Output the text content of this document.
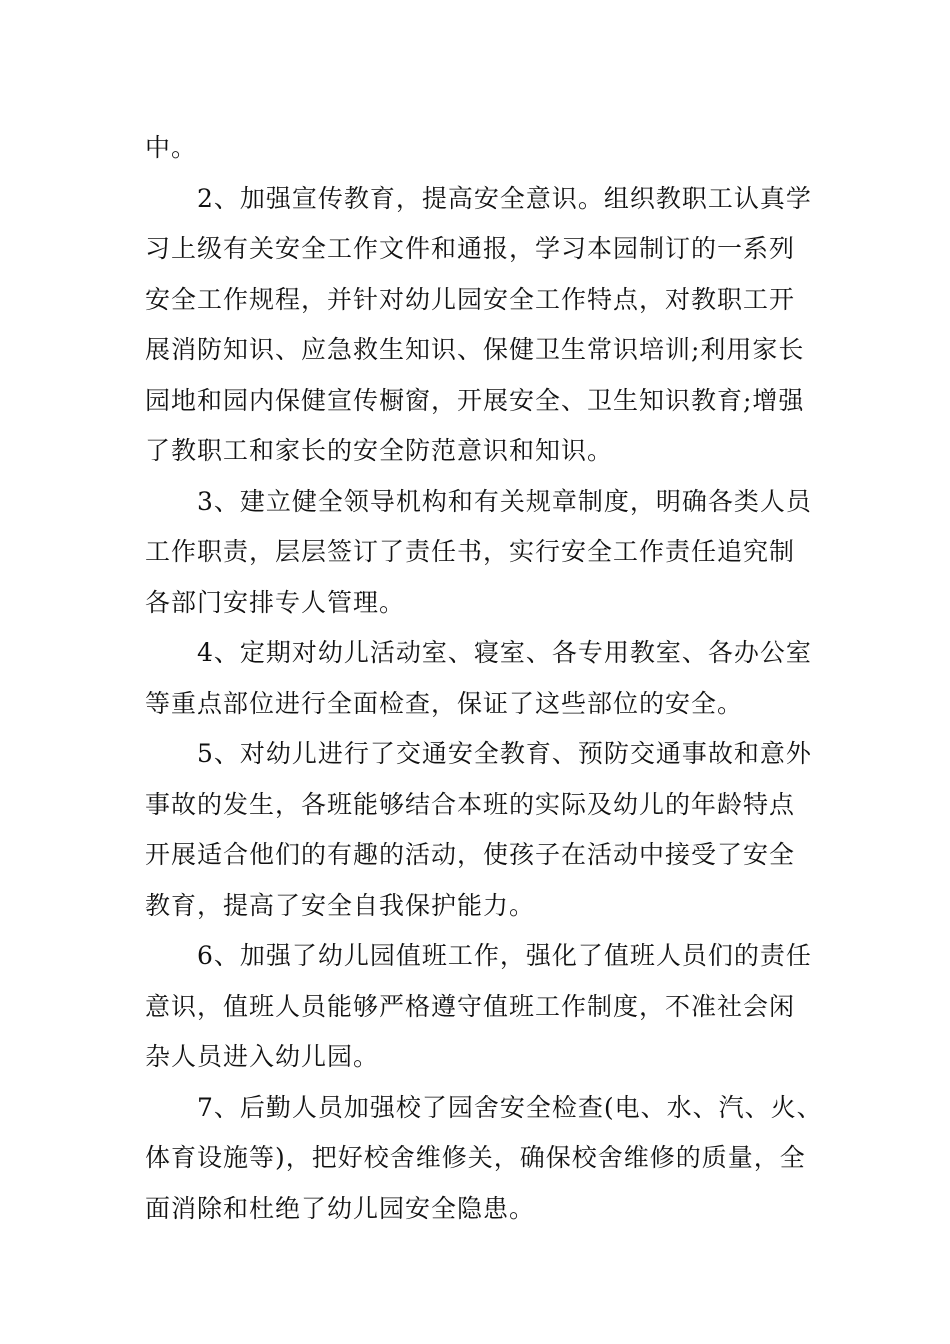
中。
2、加强宣传教育，提高安全意识。组织教职工认真学
习上级有关安全工作文件和通报，学习本园制订的一系列
安全工作规程，并针对幼儿园安全工作特点，对教职工开
展消防知识、应急救生知识、保健卫生常识培训;利用家长
园地和园内保健宣传橱窗，开展安全、卫生知识教育;增强
了教职工和家长的安全防范意识和知识。
3、建立健全领导机构和有关规章制度，明确各类人员
工作职责，层层签订了责任书，实行安全工作责任追究制
各部门安排专人管理。
4、定期对幼儿活动室、寝室、各专用教室、各办公室
等重点部位进行全面检查，保证了这些部位的安全。
5、对幼儿进行了交通安全教育、预防交通事故和意外
事故的发生，各班能够结合本班的实际及幼儿的年龄特点
开展适合他们的有趣的活动，使孩子在活动中接受了安全
教育，提高了安全自我保护能力。
6、加强了幼儿园值班工作，强化了值班人员们的责任
意识，值班人员能够严格遵守值班工作制度，不准社会闲
杂人员进入幼儿园。
7、后勤人员加强校了园舍安全检查(电、水、汽、火、
体育设施等)，把好校舍维修关，确保校舍维修的质量，全
面消除和杜绝了幼儿园安全隐患。
